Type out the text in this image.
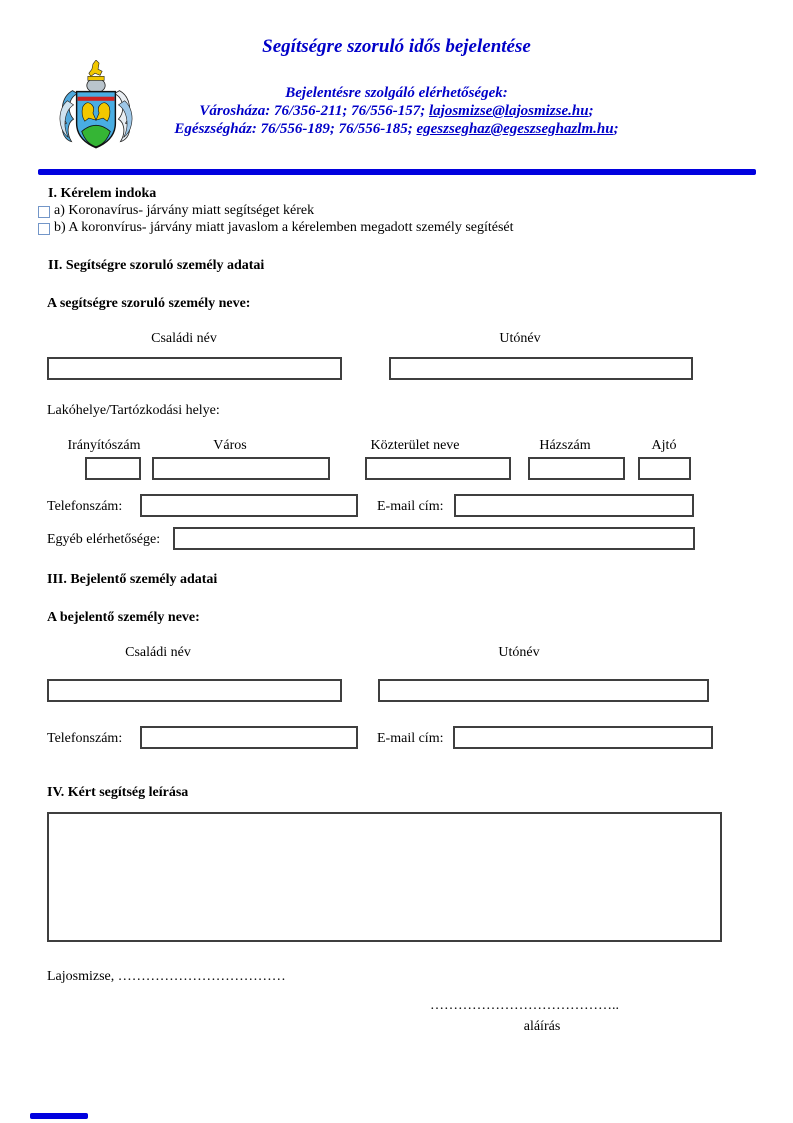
Segítségre szoruló idős bejelentése
Bejelentésre szolgáló elérhetőségek:
Városháza: 76/356-211; 76/556-157; lajosmizse@lajosmizse.hu;
Egészségház: 76/556-189; 76/556-185; egeszseghaz@egeszseghazlm.hu;
I. Kérelem indoka
a) Koronavírus- járvány miatt segítséget kérek
b) A koronvírus- járvány miatt javaslom a kérelemben megadott személy segítését
II. Segítségre szoruló személy adatai
A segítségre szoruló személy neve:
Családi név	Utónév
Lakóhelye/Tartózkodási helye:
Irányítószám	Város	Közterület neve	Házszám	Ajtó
Telefonszám:	E-mail cím:
Egyéb elérhetősége:
III. Bejelentő személy adatai
A bejelentő személy neve:
Családi név	Utónév
Telefonszám:	E-mail cím:
IV. Kért segítség leírása
Lajosmizse, ………………………………
…………………………………..
aláírás
